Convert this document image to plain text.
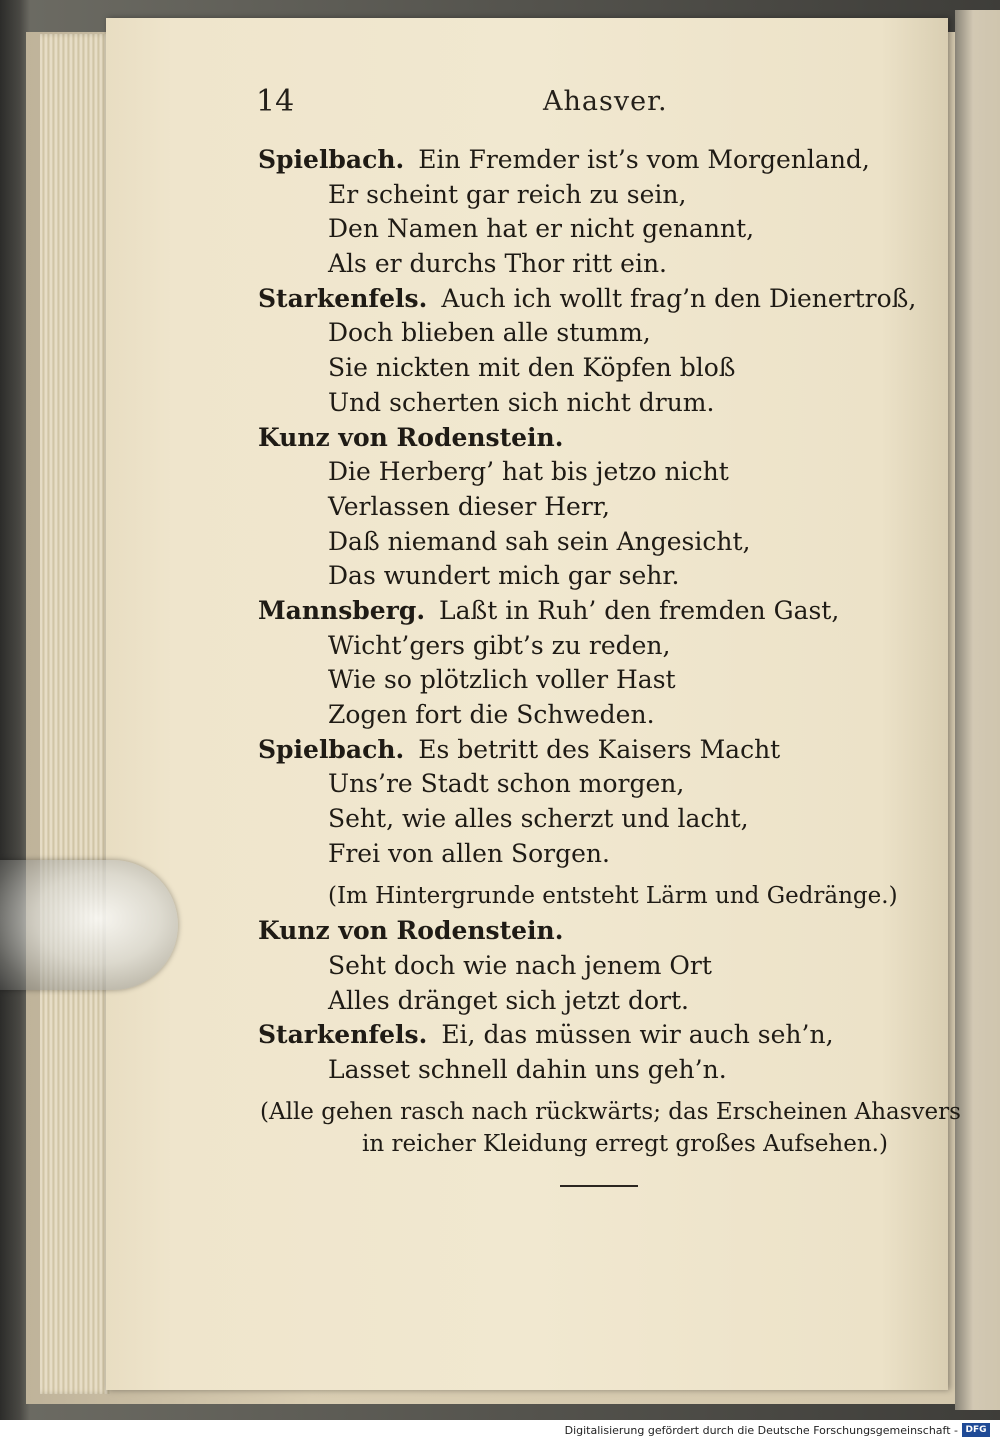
14	Ahasver.
Spielbach. Ein Fremder ist’s vom Morgenland,
Er scheint gar reich zu sein,
Den Namen hat er nicht genannt,
Als er durchs Thor ritt ein.
Starkenfels. Auch ich wollt frag’n den Dienertroß,
Doch blieben alle stumm,
Sie nickten mit den Köpfen bloß
Und scherten sich nicht drum.
Kunz von Rodenstein.
Die Herberg’ hat bis jetzo nicht
Verlassen dieser Herr,
Daß niemand sah sein Angesicht,
Das wundert mich gar sehr.
Mannsberg. Laßt in Ruh’ den fremden Gast,
Wicht’gers gibt’s zu reden,
Wie so plötzlich voller Hast
Zogen fort die Schweden.
Spielbach. Es betritt des Kaisers Macht
Uns’re Stadt schon morgen,
Seht, wie alles scherzt und lacht,
Frei von allen Sorgen.
(Im Hintergrunde entsteht Lärm und Gedränge.)
Kunz von Rodenstein.
Seht doch wie nach jenem Ort
Alles dränget sich jetzt dort.
Starkenfels. Ei, das müssen wir auch seh’n,
Lasset schnell dahin uns geh’n.
(Alle gehen rasch nach rückwärts; das Erscheinen Ahasvers
in reicher Kleidung erregt großes Aufsehen.)
Digitalisierung gefördert durch die Deutsche Forschungsgemeinschaft - DFG
